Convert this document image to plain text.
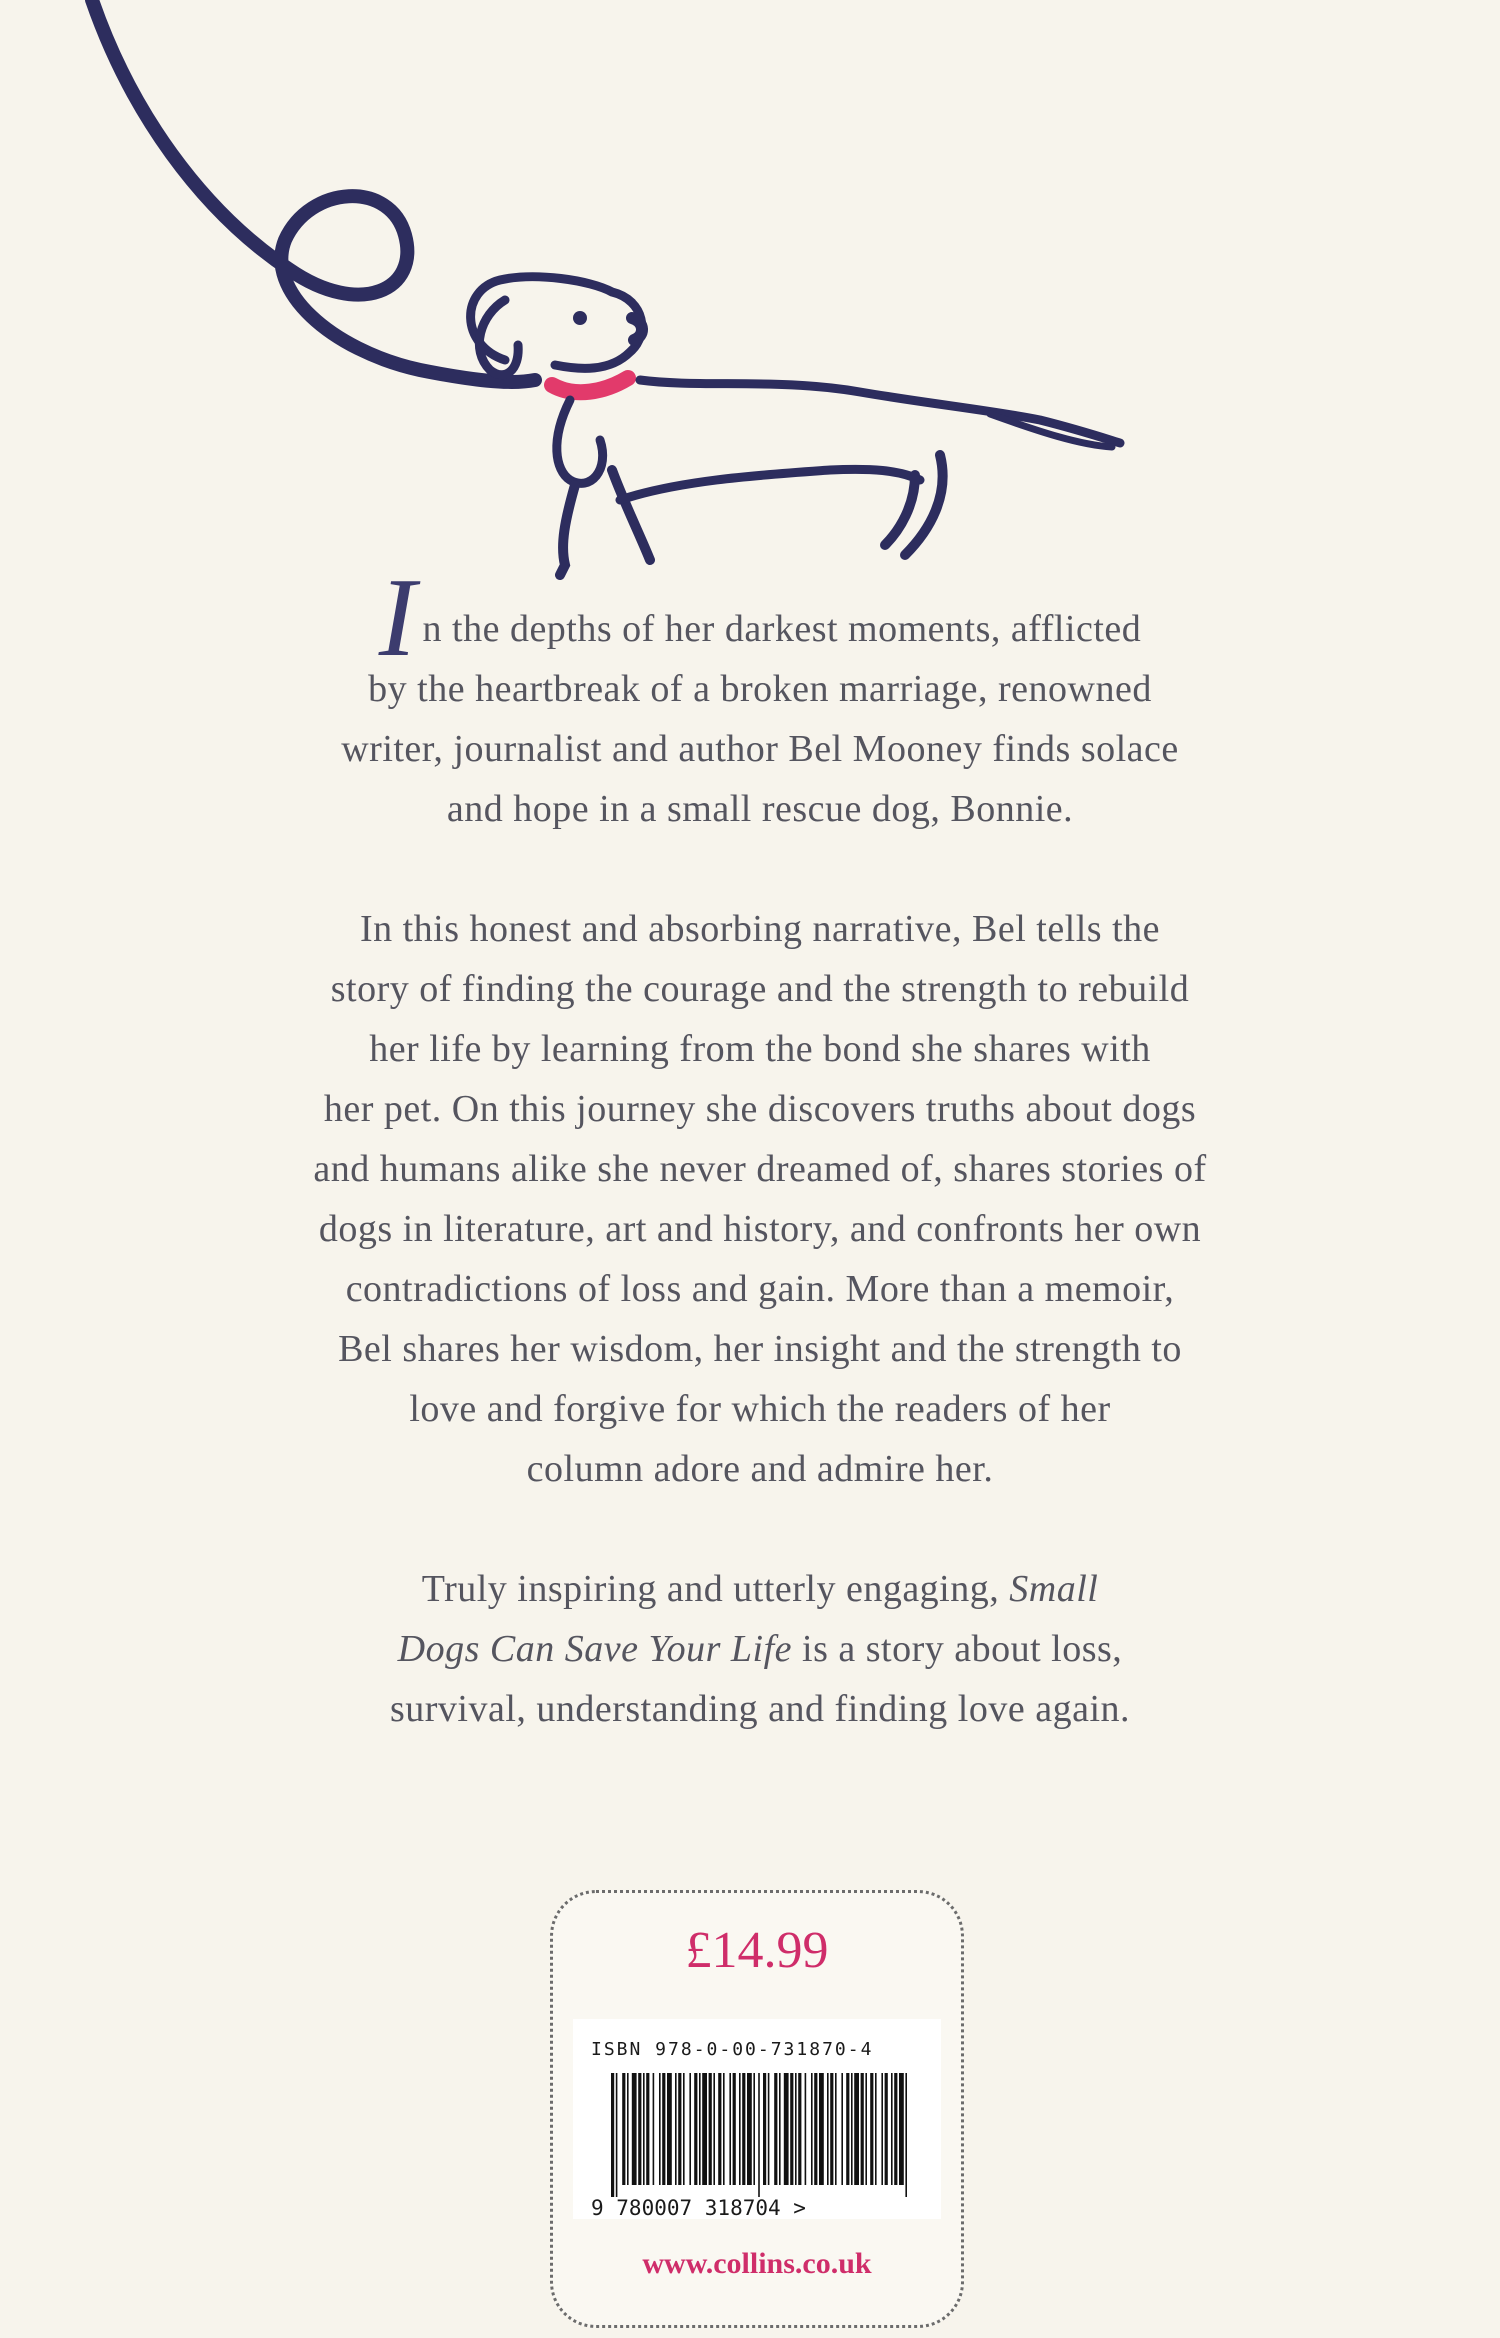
In the depths of her darkest moments, afflicted
by the heartbreak of a broken marriage, renowned
writer, journalist and author Bel Mooney finds solace
and hope in a small rescue dog, Bonnie.

In this honest and absorbing narrative, Bel tells the
story of finding the courage and the strength to rebuild
her life by learning from the bond she shares with
her pet. On this journey she discovers truths about dogs
and humans alike she never dreamed of, shares stories of
dogs in literature, art and history, and confronts her own
contradictions of loss and gain. More than a memoir,
Bel shares her wisdom, her insight and the strength to
love and forgive for which the readers of her
column adore and admire her.

Truly inspiring and utterly engaging, Small
Dogs Can Save Your Life is a story about loss,
survival, understanding and finding love again.

£14.99
ISBN 978-0-00-731870-4
9 780007 318704 >
www.collins.co.uk
